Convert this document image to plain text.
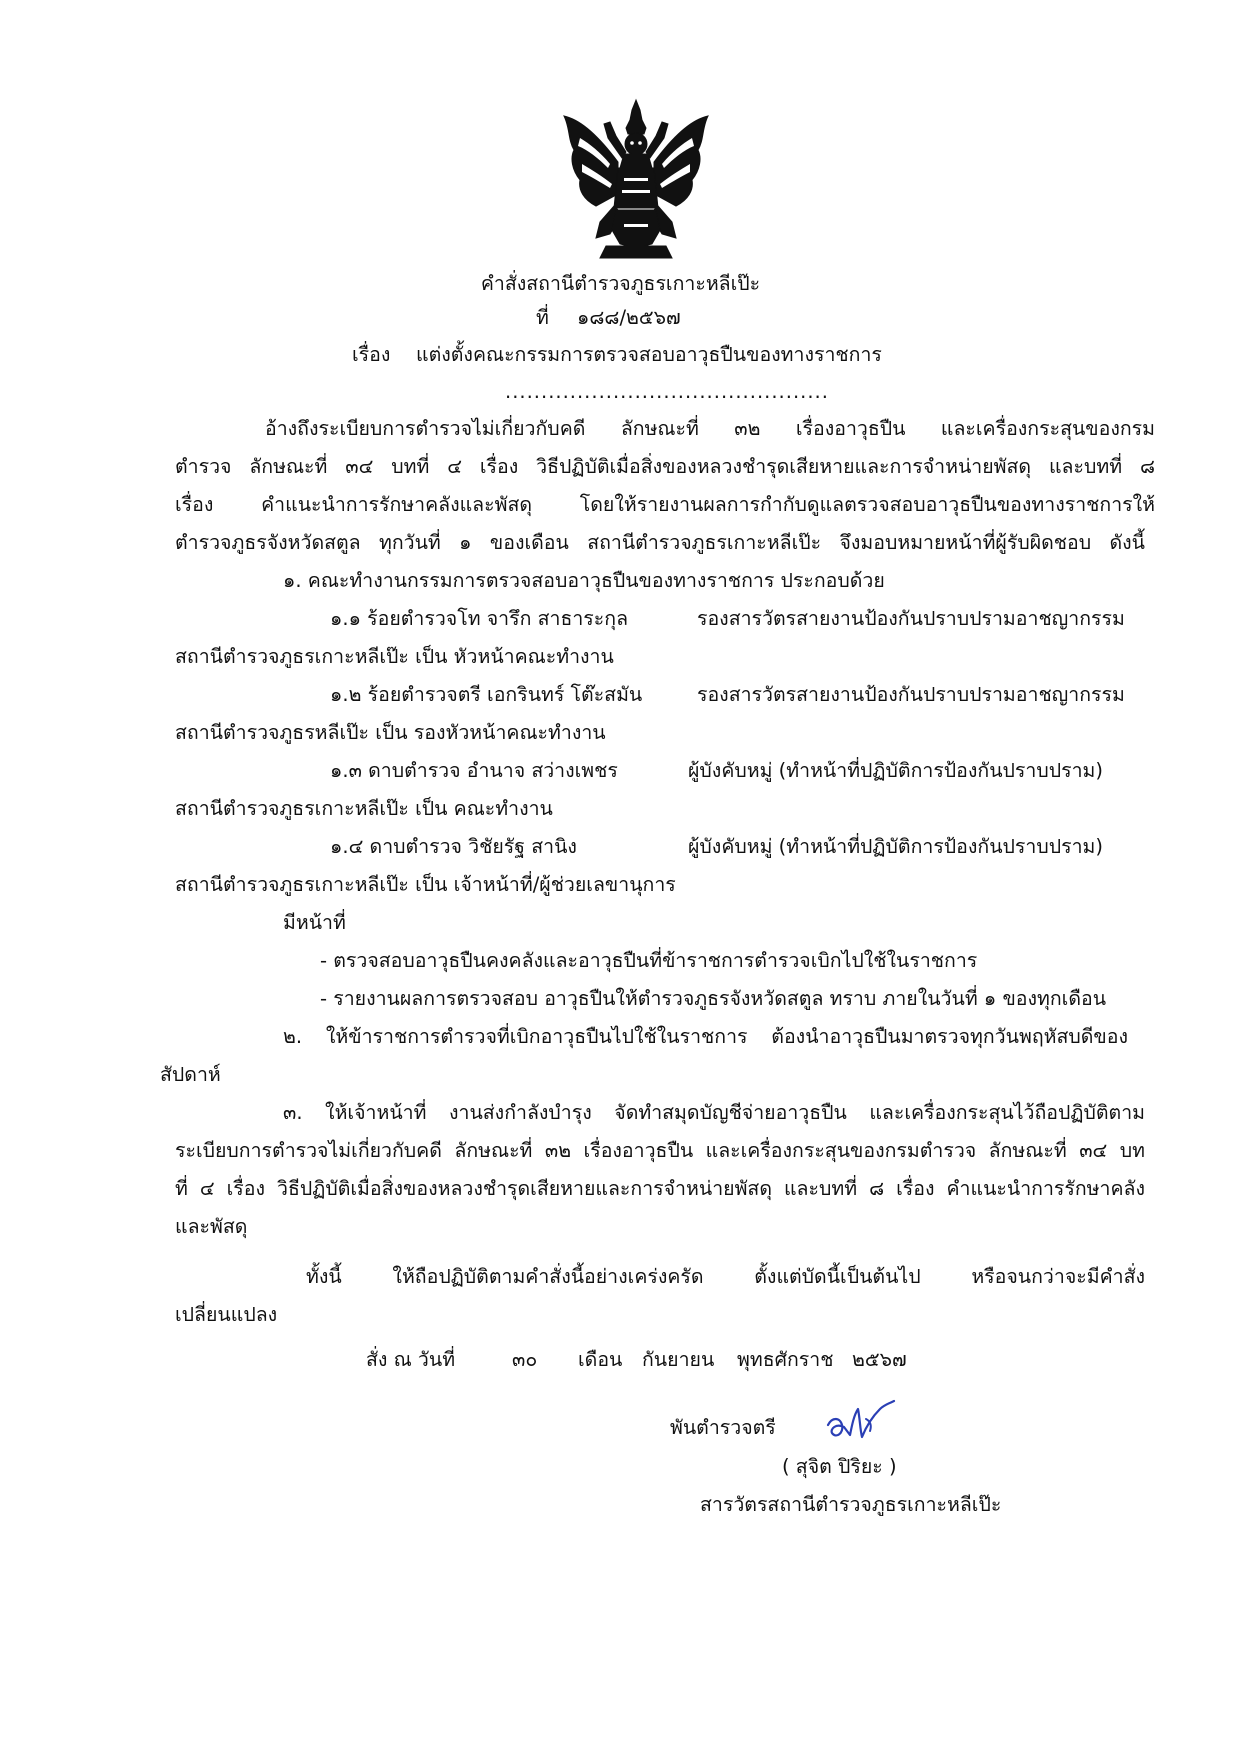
คำสั่งสถานีตำรวจภูธรเกาะหลีเป๊ะ
ที่ ๑๘๘/๒๕๖๗
เรื่อง แต่งตั้งคณะกรรมการตรวจสอบอาวุธปืนของทางราชการ
.............................................
อ้างถึงระเบียบการตำรวจไม่เกี่ยวกับคดี ลักษณะที่ ๓๒ เรื่องอาวุธปืน และเครื่องกระสุนของกรม
ตำรวจ ลักษณะที่ ๓๔ บทที่ ๔ เรื่อง วิธีปฏิบัติเมื่อสิ่งของหลวงชำรุดเสียหายและการจำหน่ายพัสดุ และบทที่ ๘
เรื่อง คำแนะนำการรักษาคลังและพัสดุ โดยให้รายงานผลการกำกับดูแลตรวจสอบอาวุธปืนของทางราชการให้
ตำรวจภูธรจังหวัดสตูล ทุกวันที่ ๑ ของเดือน สถานีตำรวจภูธรเกาะหลีเป๊ะ จึงมอบหมายหน้าที่ผู้รับผิดชอบ ดังนี้
๑. คณะทำงานกรรมการตรวจสอบอาวุธปืนของทางราชการ ประกอบด้วย
๑.๑ ร้อยตำรวจโท จารึก สาธาระกุล	รองสารวัตรสายงานป้องกันปราบปรามอาชญากรรม
สถานีตำรวจภูธรเกาะหลีเป๊ะ เป็น หัวหน้าคณะทำงาน
๑.๒ ร้อยตำรวจตรี เอกรินทร์ โต๊ะสมัน	รองสารวัตรสายงานป้องกันปราบปรามอาชญากรรม
สถานีตำรวจภูธรหลีเป๊ะ เป็น รองหัวหน้าคณะทำงาน
๑.๓ ดาบตำรวจ อำนาจ สว่างเพชร	ผู้บังคับหมู่ (ทำหน้าที่ปฏิบัติการป้องกันปราบปราม)
สถานีตำรวจภูธรเกาะหลีเป๊ะ เป็น คณะทำงาน
๑.๔ ดาบตำรวจ วิชัยรัฐ สานิง	ผู้บังคับหมู่ (ทำหน้าที่ปฏิบัติการป้องกันปราบปราม)
สถานีตำรวจภูธรเกาะหลีเป๊ะ เป็น เจ้าหน้าที่/ผู้ช่วยเลขานุการ
มีหน้าที่
- ตรวจสอบอาวุธปืนคงคลังและอาวุธปืนที่ข้าราชการตำรวจเบิกไปใช้ในราชการ
- รายงานผลการตรวจสอบ อาวุธปืนให้ตำรวจภูธรจังหวัดสตูล ทราบ ภายในวันที่ ๑ ของทุกเดือน
๒. ให้ข้าราชการตำรวจที่เบิกอาวุธปืนไปใช้ในราชการ ต้องนำอาวุธปืนมาตรวจทุกวันพฤหัสบดีของ
สัปดาห์
๓. ให้เจ้าหน้าที่ งานส่งกำลังบำรุง จัดทำสมุดบัญชีจ่ายอาวุธปืน และเครื่องกระสุนไว้ถือปฏิบัติตาม
ระเบียบการตำรวจไม่เกี่ยวกับคดี ลักษณะที่ ๓๒ เรื่องอาวุธปืน และเครื่องกระสุนของกรมตำรวจ ลักษณะที่ ๓๔ บท
ที่ ๔ เรื่อง วิธีปฏิบัติเมื่อสิ่งของหลวงชำรุดเสียหายและการจำหน่ายพัสดุ และบทที่ ๘ เรื่อง คำแนะนำการรักษาคลัง
และพัสดุ
ทั้งนี้ ให้ถือปฏิบัติตามคำสั่งนี้อย่างเคร่งครัด ตั้งแต่บัดนี้เป็นต้นไป หรือจนกว่าจะมีคำสั่ง
เปลี่ยนแปลง
สั่ง ณ วันที่	๓๐ เดือน กันยายน พุทธศักราช ๒๕๖๗
พันตำรวจตรี
( สุจิต ปิริยะ )
สารวัตรสถานีตำรวจภูธรเกาะหลีเป๊ะ
